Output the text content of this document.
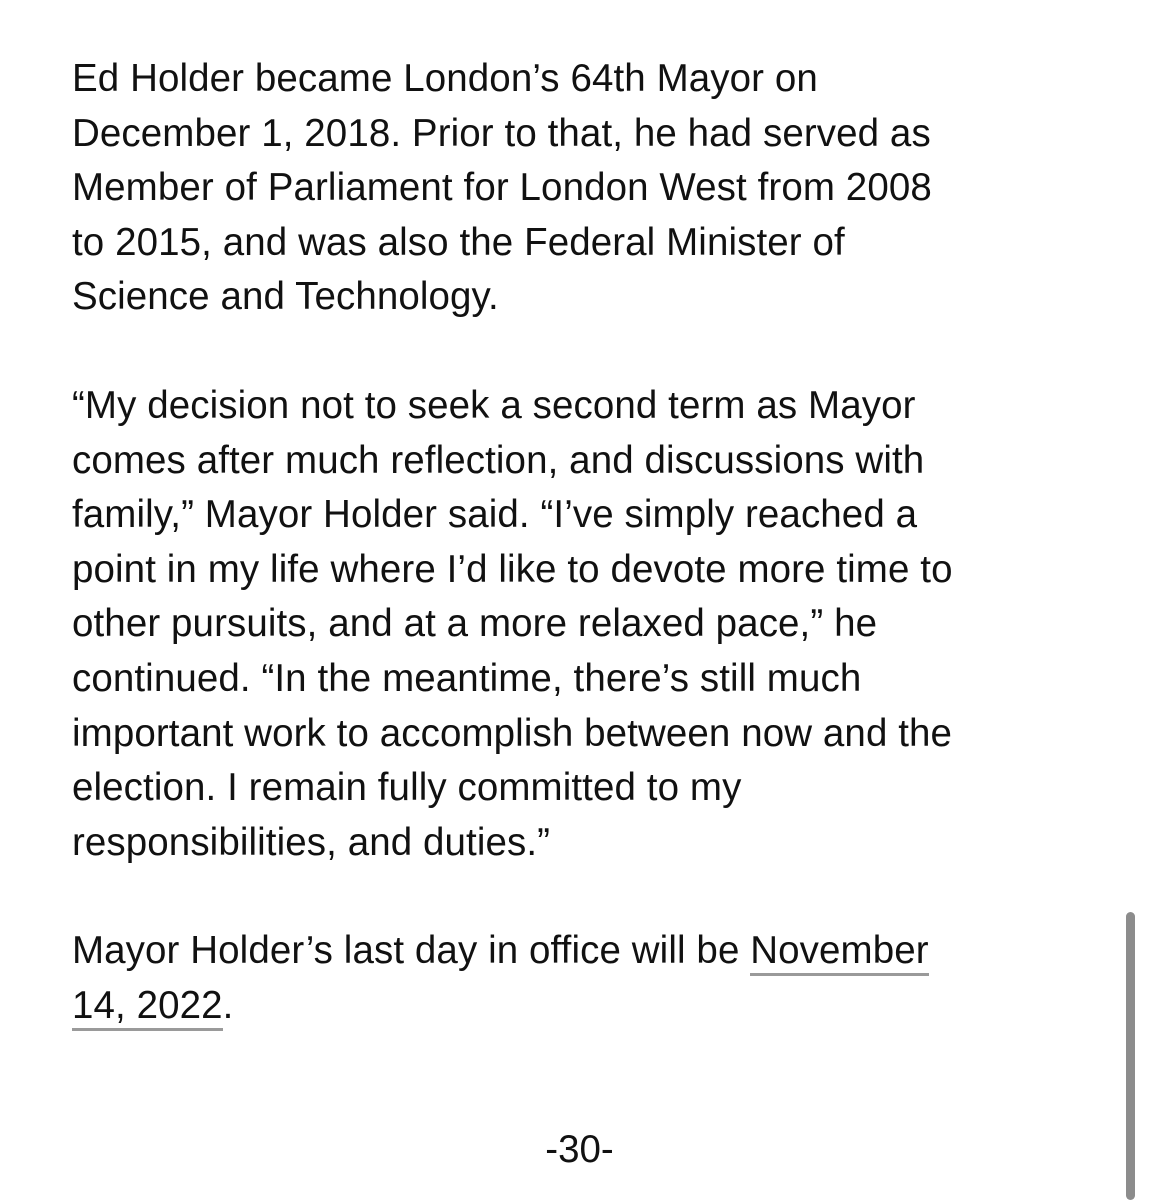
Ed Holder became London’s 64th Mayor on
December 1, 2018. Prior to that, he had served as
Member of Parliament for London West from 2008
to 2015, and was also the Federal Minister of
Science and Technology.

“My decision not to seek a second term as Mayor
comes after much reflection, and discussions with
family,” Mayor Holder said. “I’ve simply reached a
point in my life where I’d like to devote more time to
other pursuits, and at a more relaxed pace,” he
continued. “In the meantime, there’s still much
important work to accomplish between now and the
election. I remain fully committed to my
responsibilities, and duties.”

Mayor Holder’s last day in office will be November
14, 2022.

-30-
